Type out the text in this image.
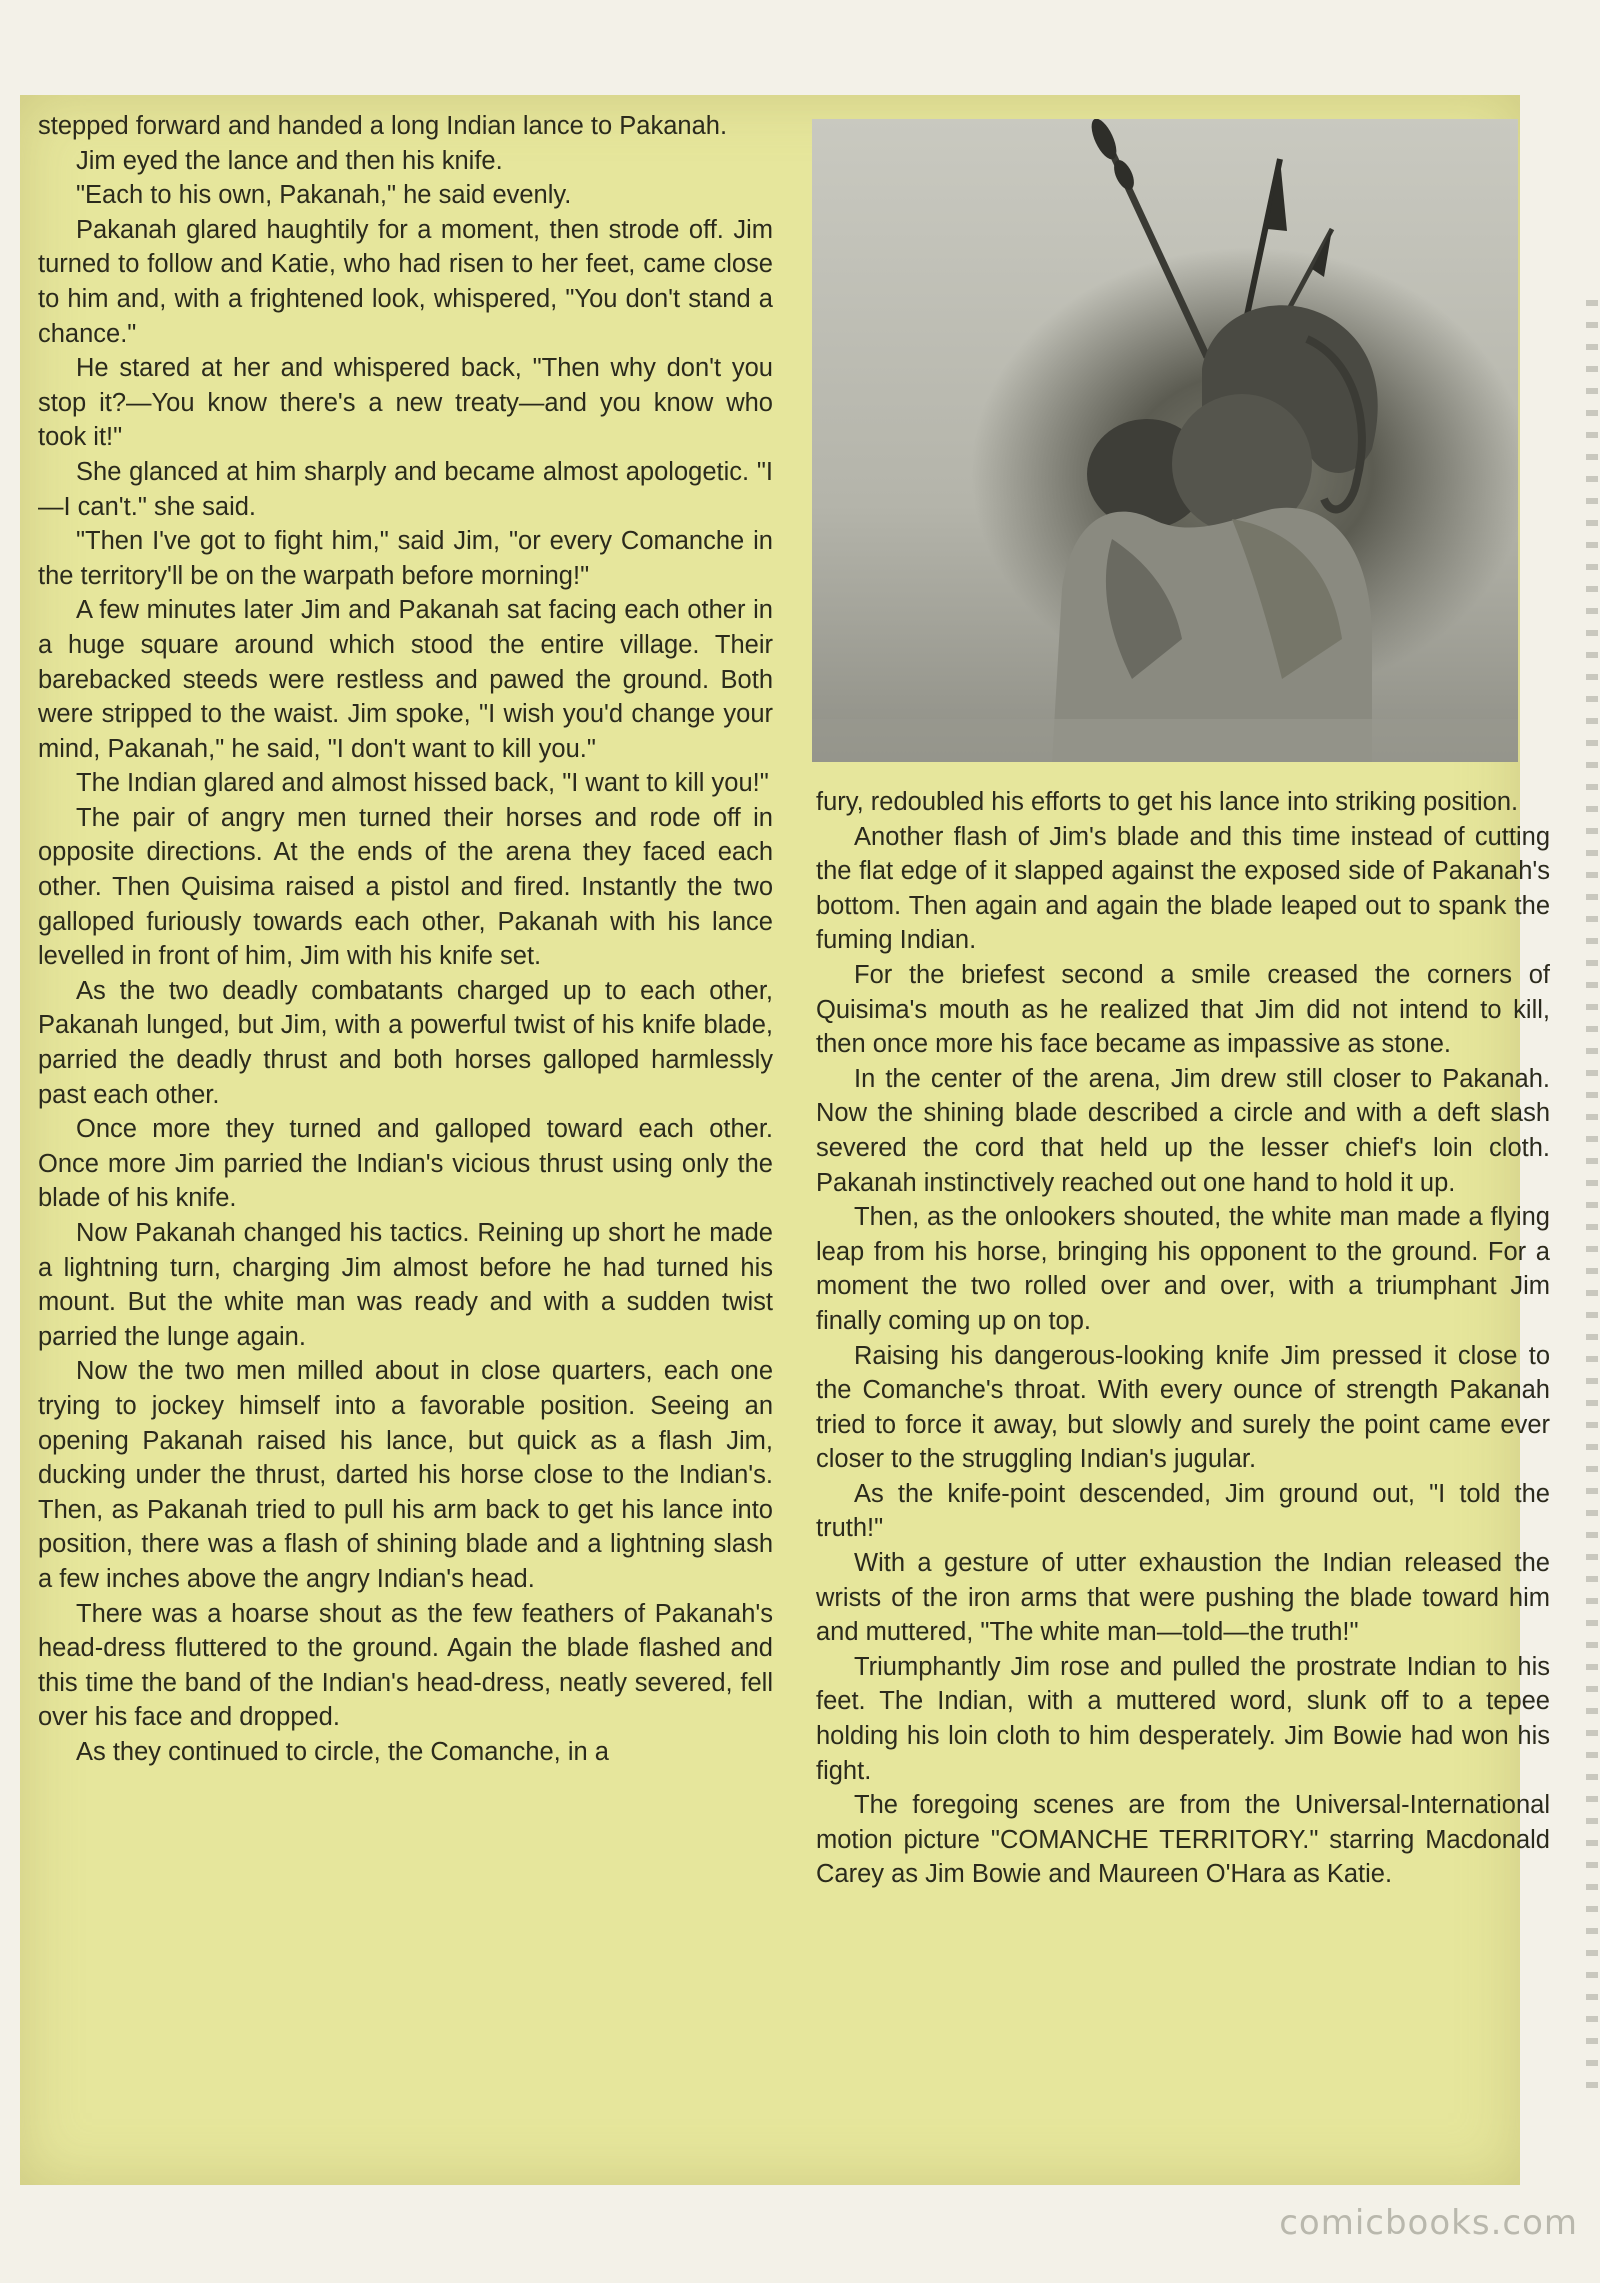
stepped forward and handed a long Indian lance to Pakanah.

Jim eyed the lance and then his knife.

"Each to his own, Pakanah," he said evenly.

Pakanah glared haughtily for a moment, then strode off. Jim turned to follow and Katie, who had risen to her feet, came close to him and, with a frightened look, whispered, "You don't stand a chance."

He stared at her and whispered back, "Then why don't you stop it?—You know there's a new treaty—and you know who took it!"

She glanced at him sharply and became almost apologetic. "I—I can't." she said.

"Then I've got to fight him," said Jim, "or every Comanche in the territory'll be on the warpath before morning!"

A few minutes later Jim and Pakanah sat facing each other in a huge square around which stood the entire village. Their barebacked steeds were restless and pawed the ground. Both were stripped to the waist. Jim spoke, "I wish you'd change your mind, Pakanah," he said, "I don't want to kill you."

The Indian glared and almost hissed back, "I want to kill you!"

The pair of angry men turned their horses and rode off in opposite directions. At the ends of the arena they faced each other. Then Quisima raised a pistol and fired. Instantly the two galloped furiously towards each other, Pakanah with his lance levelled in front of him, Jim with his knife set.

As the two deadly combatants charged up to each other, Pakanah lunged, but Jim, with a powerful twist of his knife blade, parried the deadly thrust and both horses galloped harmlessly past each other.

Once more they turned and galloped toward each other. Once more Jim parried the Indian's vicious thrust using only the blade of his knife.

Now Pakanah changed his tactics. Reining up short he made a lightning turn, charging Jim almost before he had turned his mount. But the white man was ready and with a sudden twist parried the lunge again.

Now the two men milled about in close quarters, each one trying to jockey himself into a favorable position. Seeing an opening Pakanah raised his lance, but quick as a flash Jim, ducking under the thrust, darted his horse close to the Indian's. Then, as Pakanah tried to pull his arm back to get his lance into position, there was a flash of shining blade and a lightning slash a few inches above the angry Indian's head.

There was a hoarse shout as the few feathers of Pakanah's head-dress fluttered to the ground. Again the blade flashed and this time the band of the Indian's head-dress, neatly severed, fell over his face and dropped.

As they continued to circle, the Comanche, in a

fury, redoubled his efforts to get his lance into striking position.

Another flash of Jim's blade and this time instead of cutting the flat edge of it slapped against the exposed side of Pakanah's bottom. Then again and again the blade leaped out to spank the fuming Indian.

For the briefest second a smile creased the corners of Quisima's mouth as he realized that Jim did not intend to kill, then once more his face became as impassive as stone.

In the center of the arena, Jim drew still closer to Pakanah. Now the shining blade described a circle and with a deft slash severed the cord that held up the lesser chief's loin cloth. Pakanah instinctively reached out one hand to hold it up.

Then, as the onlookers shouted, the white man made a flying leap from his horse, bringing his opponent to the ground. For a moment the two rolled over and over, with a triumphant Jim finally coming up on top.

Raising his dangerous-looking knife Jim pressed it close to the Comanche's throat. With every ounce of strength Pakanah tried to force it away, but slowly and surely the point came ever closer to the struggling Indian's jugular.

As the knife-point descended, Jim ground out, "I told the truth!"

With a gesture of utter exhaustion the Indian released the wrists of the iron arms that were pushing the blade toward him and muttered, "The white man—told—the truth!"

Triumphantly Jim rose and pulled the prostrate Indian to his feet. The Indian, with a muttered word, slunk off to a tepee holding his loin cloth to him desperately. Jim Bowie had won his fight.

The foregoing scenes are from the Universal-International motion picture "COMANCHE TERRITORY." starring Macdonald Carey as Jim Bowie and Maureen O'Hara as Katie.

comicbooks.com
